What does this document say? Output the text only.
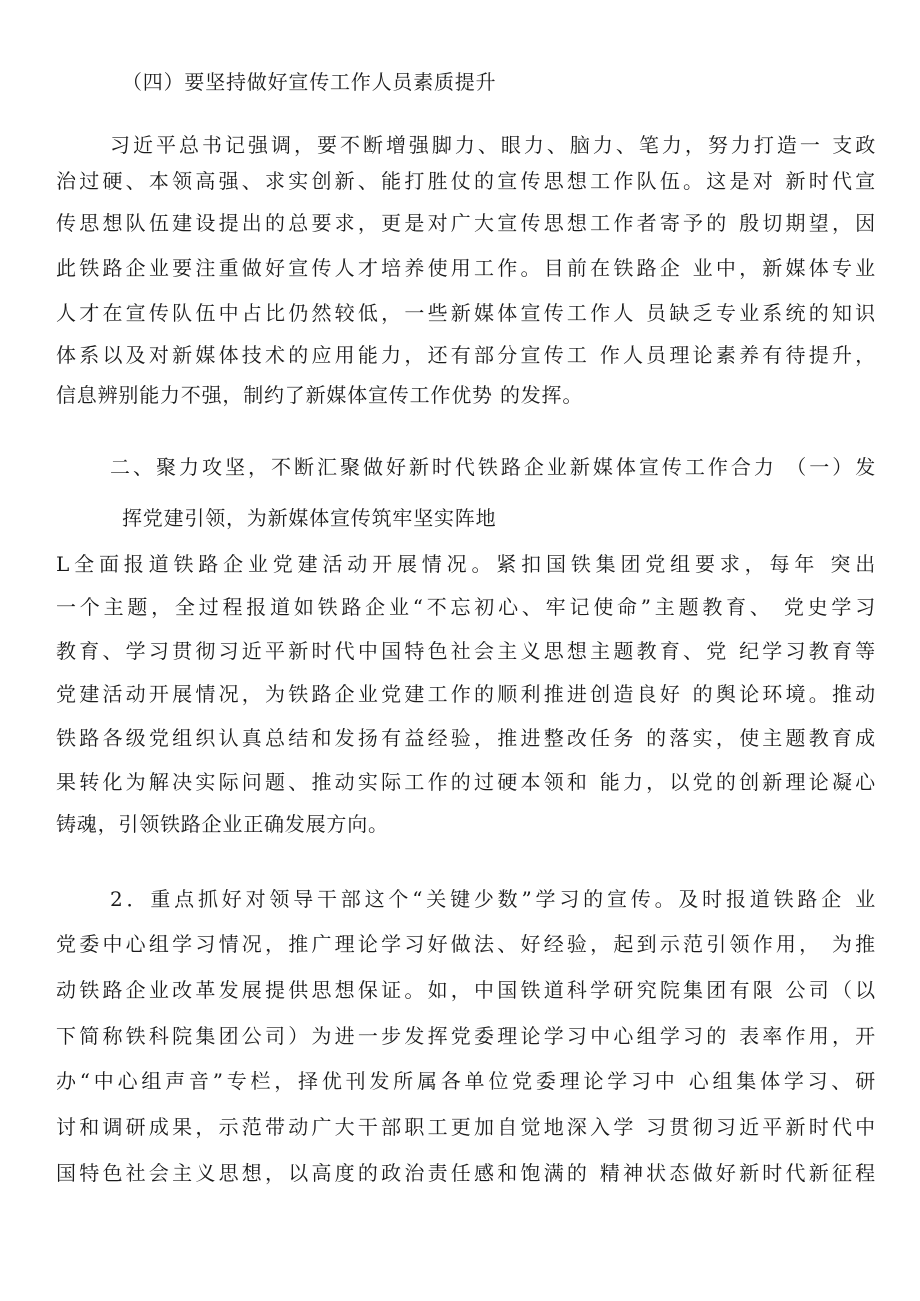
（四）要坚持做好宣传工作人员素质提升
习近平总书记强调，要不断增强脚力、眼力、脑力、笔力，努力打造一 支政
治过硬、本领高强、求实创新、能打胜仗的宣传思想工作队伍。这是对 新时代宣
传思想队伍建设提出的总要求，更是对广大宣传思想工作者寄予的 殷切期望，因
此铁路企业要注重做好宣传人才培养使用工作。目前在铁路企 业中，新媒体专业
人才在宣传队伍中占比仍然较低，一些新媒体宣传工作人 员缺乏专业系统的知识
体系以及对新媒体技术的应用能力，还有部分宣传工 作人员理论素养有待提升，
信息辨别能力不强，制约了新媒体宣传工作优势 的发挥。
二、聚力攻坚，不断汇聚做好新时代铁路企业新媒体宣传工作合力 （一）发
挥党建引领，为新媒体宣传筑牢坚实阵地
L全面报道铁路企业党建活动开展情况。紧扣国铁集团党组要求，每年 突出
一个主题，全过程报道如铁路企业“不忘初心、牢记使命”主题教育、 党史学习
教育、学习贯彻习近平新时代中国特色社会主义思想主题教育、党 纪学习教育等
党建活动开展情况，为铁路企业党建工作的顺利推进创造良好 的舆论环境。推动
铁路各级党组织认真总结和发扬有益经验，推进整改任务 的落实，使主题教育成
果转化为解决实际问题、推动实际工作的过硬本领和 能力，以党的创新理论凝心
铸魂，引领铁路企业正确发展方向。
2．重点抓好对领导干部这个“关键少数”学习的宣传。及时报道铁路企 业
党委中心组学习情况，推广理论学习好做法、好经验，起到示范引领作用， 为推
动铁路企业改革发展提供思想保证。如，中国铁道科学研究院集团有限 公司（以
下简称铁科院集团公司）为进一步发挥党委理论学习中心组学习的 表率作用，开
办“中心组声音”专栏，择优刊发所属各单位党委理论学习中 心组集体学习、研
讨和调研成果，示范带动广大干部职工更加自觉地深入学 习贯彻习近平新时代中
国特色社会主义思想，以高度的政治责任感和饱满的 精神状态做好新时代新征程
